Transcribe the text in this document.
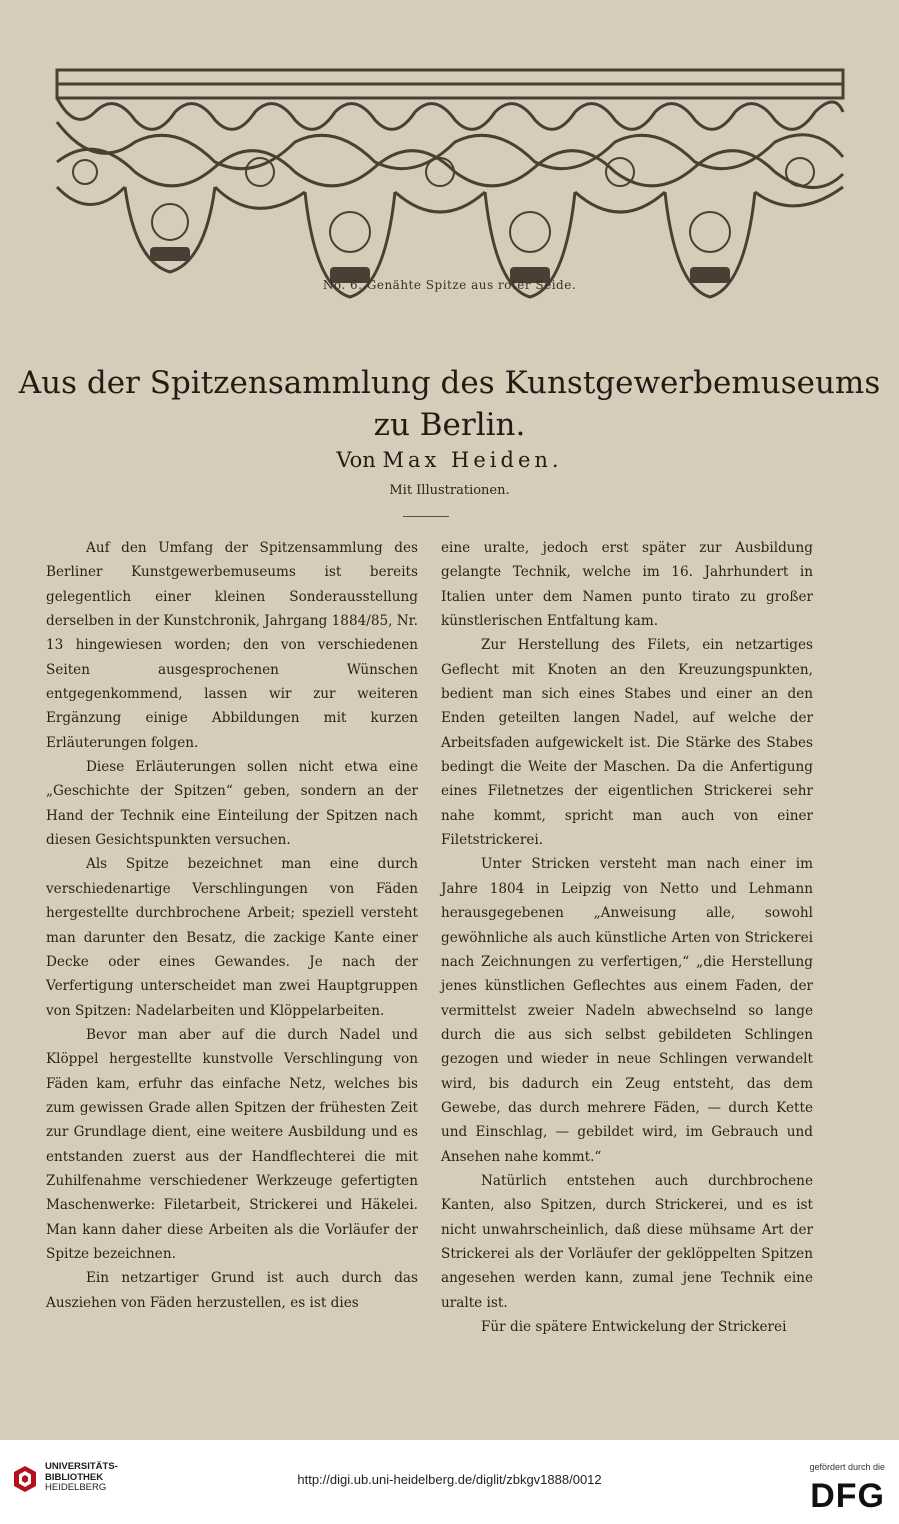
No. 6. Genähte Spitze aus roter Seide.
Aus der Spitzensammlung des Kunstgewerbemuseums
zu Berlin.
Von Max Heiden.
Mit Illustrationen.

Auf den Umfang der Spitzensammlung des Berliner Kunstgewerbemuseums ist bereits gelegentlich einer kleinen Sonderausstellung derselben in der Kunstchronik, Jahrgang 1884/85, Nr. 13 hingewiesen worden; den von verschiedenen Seiten ausgesprochenen Wünschen entgegenkommend, lassen wir zur weiteren Ergänzung einige Abbildungen mit kurzen Erläuterungen folgen.

Diese Erläuterungen sollen nicht etwa eine „Geschichte der Spitzen“ geben, sondern an der Hand der Technik eine Einteilung der Spitzen nach diesen Gesichtspunkten versuchen.

Als Spitze bezeichnet man eine durch verschiedenartige Verschlingungen von Fäden hergestellte durchbrochene Arbeit; speziell versteht man darunter den Besatz, die zackige Kante einer Decke oder eines Gewandes. Je nach der Verfertigung unterscheidet man zwei Hauptgruppen von Spitzen: Nadelarbeiten und Klöppelarbeiten.

Bevor man aber auf die durch Nadel und Klöppel hergestellte kunstvolle Verschlingung von Fäden kam, erfuhr das einfache Netz, welches bis zum gewissen Grade allen Spitzen der frühesten Zeit zur Grundlage dient, eine weitere Ausbildung und es entstanden zuerst aus der Handflechterei die mit Zuhilfenahme verschiedener Werkzeuge gefertigten Maschenwerke: Filetarbeit, Strickerei und Häkelei. Man kann daher diese Arbeiten als die Vorläufer der Spitze bezeichnen.

Ein netzartiger Grund ist auch durch das Ausziehen von Fäden herzustellen, es ist dies

eine uralte, jedoch erst später zur Ausbildung gelangte Technik, welche im 16. Jahrhundert in Italien unter dem Namen punto tirato zu großer künstlerischen Entfaltung kam.

Zur Herstellung des Filets, ein netzartiges Geflecht mit Knoten an den Kreuzungspunkten, bedient man sich eines Stabes und einer an den Enden geteilten langen Nadel, auf welche der Arbeitsfaden aufgewickelt ist. Die Stärke des Stabes bedingt die Weite der Maschen. Da die Anfertigung eines Filetnetzes der eigentlichen Strickerei sehr nahe kommt, spricht man auch von einer Filetstrickerei.

Unter Stricken versteht man nach einer im Jahre 1804 in Leipzig von Netto und Lehmann herausgegebenen „Anweisung alle, sowohl gewöhnliche als auch künstliche Arten von Strickerei nach Zeichnungen zu verfertigen,“ „die Herstellung jenes künstlichen Geflechtes aus einem Faden, der vermittelst zweier Nadeln abwechselnd so lange durch die aus sich selbst gebildeten Schlingen gezogen und wieder in neue Schlingen verwandelt wird, bis dadurch ein Zeug entsteht, das dem Gewebe, das durch mehrere Fäden, — durch Kette und Einschlag, — gebildet wird, im Gebrauch und Ansehen nahe kommt.“

Natürlich entstehen auch durchbrochene Kanten, also Spitzen, durch Strickerei, und es ist nicht unwahrscheinlich, daß diese mühsame Art der Strickerei als der Vorläufer der geklöppelten Spitzen angesehen werden kann, zumal jene Technik eine uralte ist.

Für die spätere Entwickelung der Strickerei

UNIVERSITÄTS-
BIBLIOTHEK
HEIDELBERG
http://digi.ub.uni-heidelberg.de/diglit/zbkgv1888/0012
gefördert durch die
DFG
